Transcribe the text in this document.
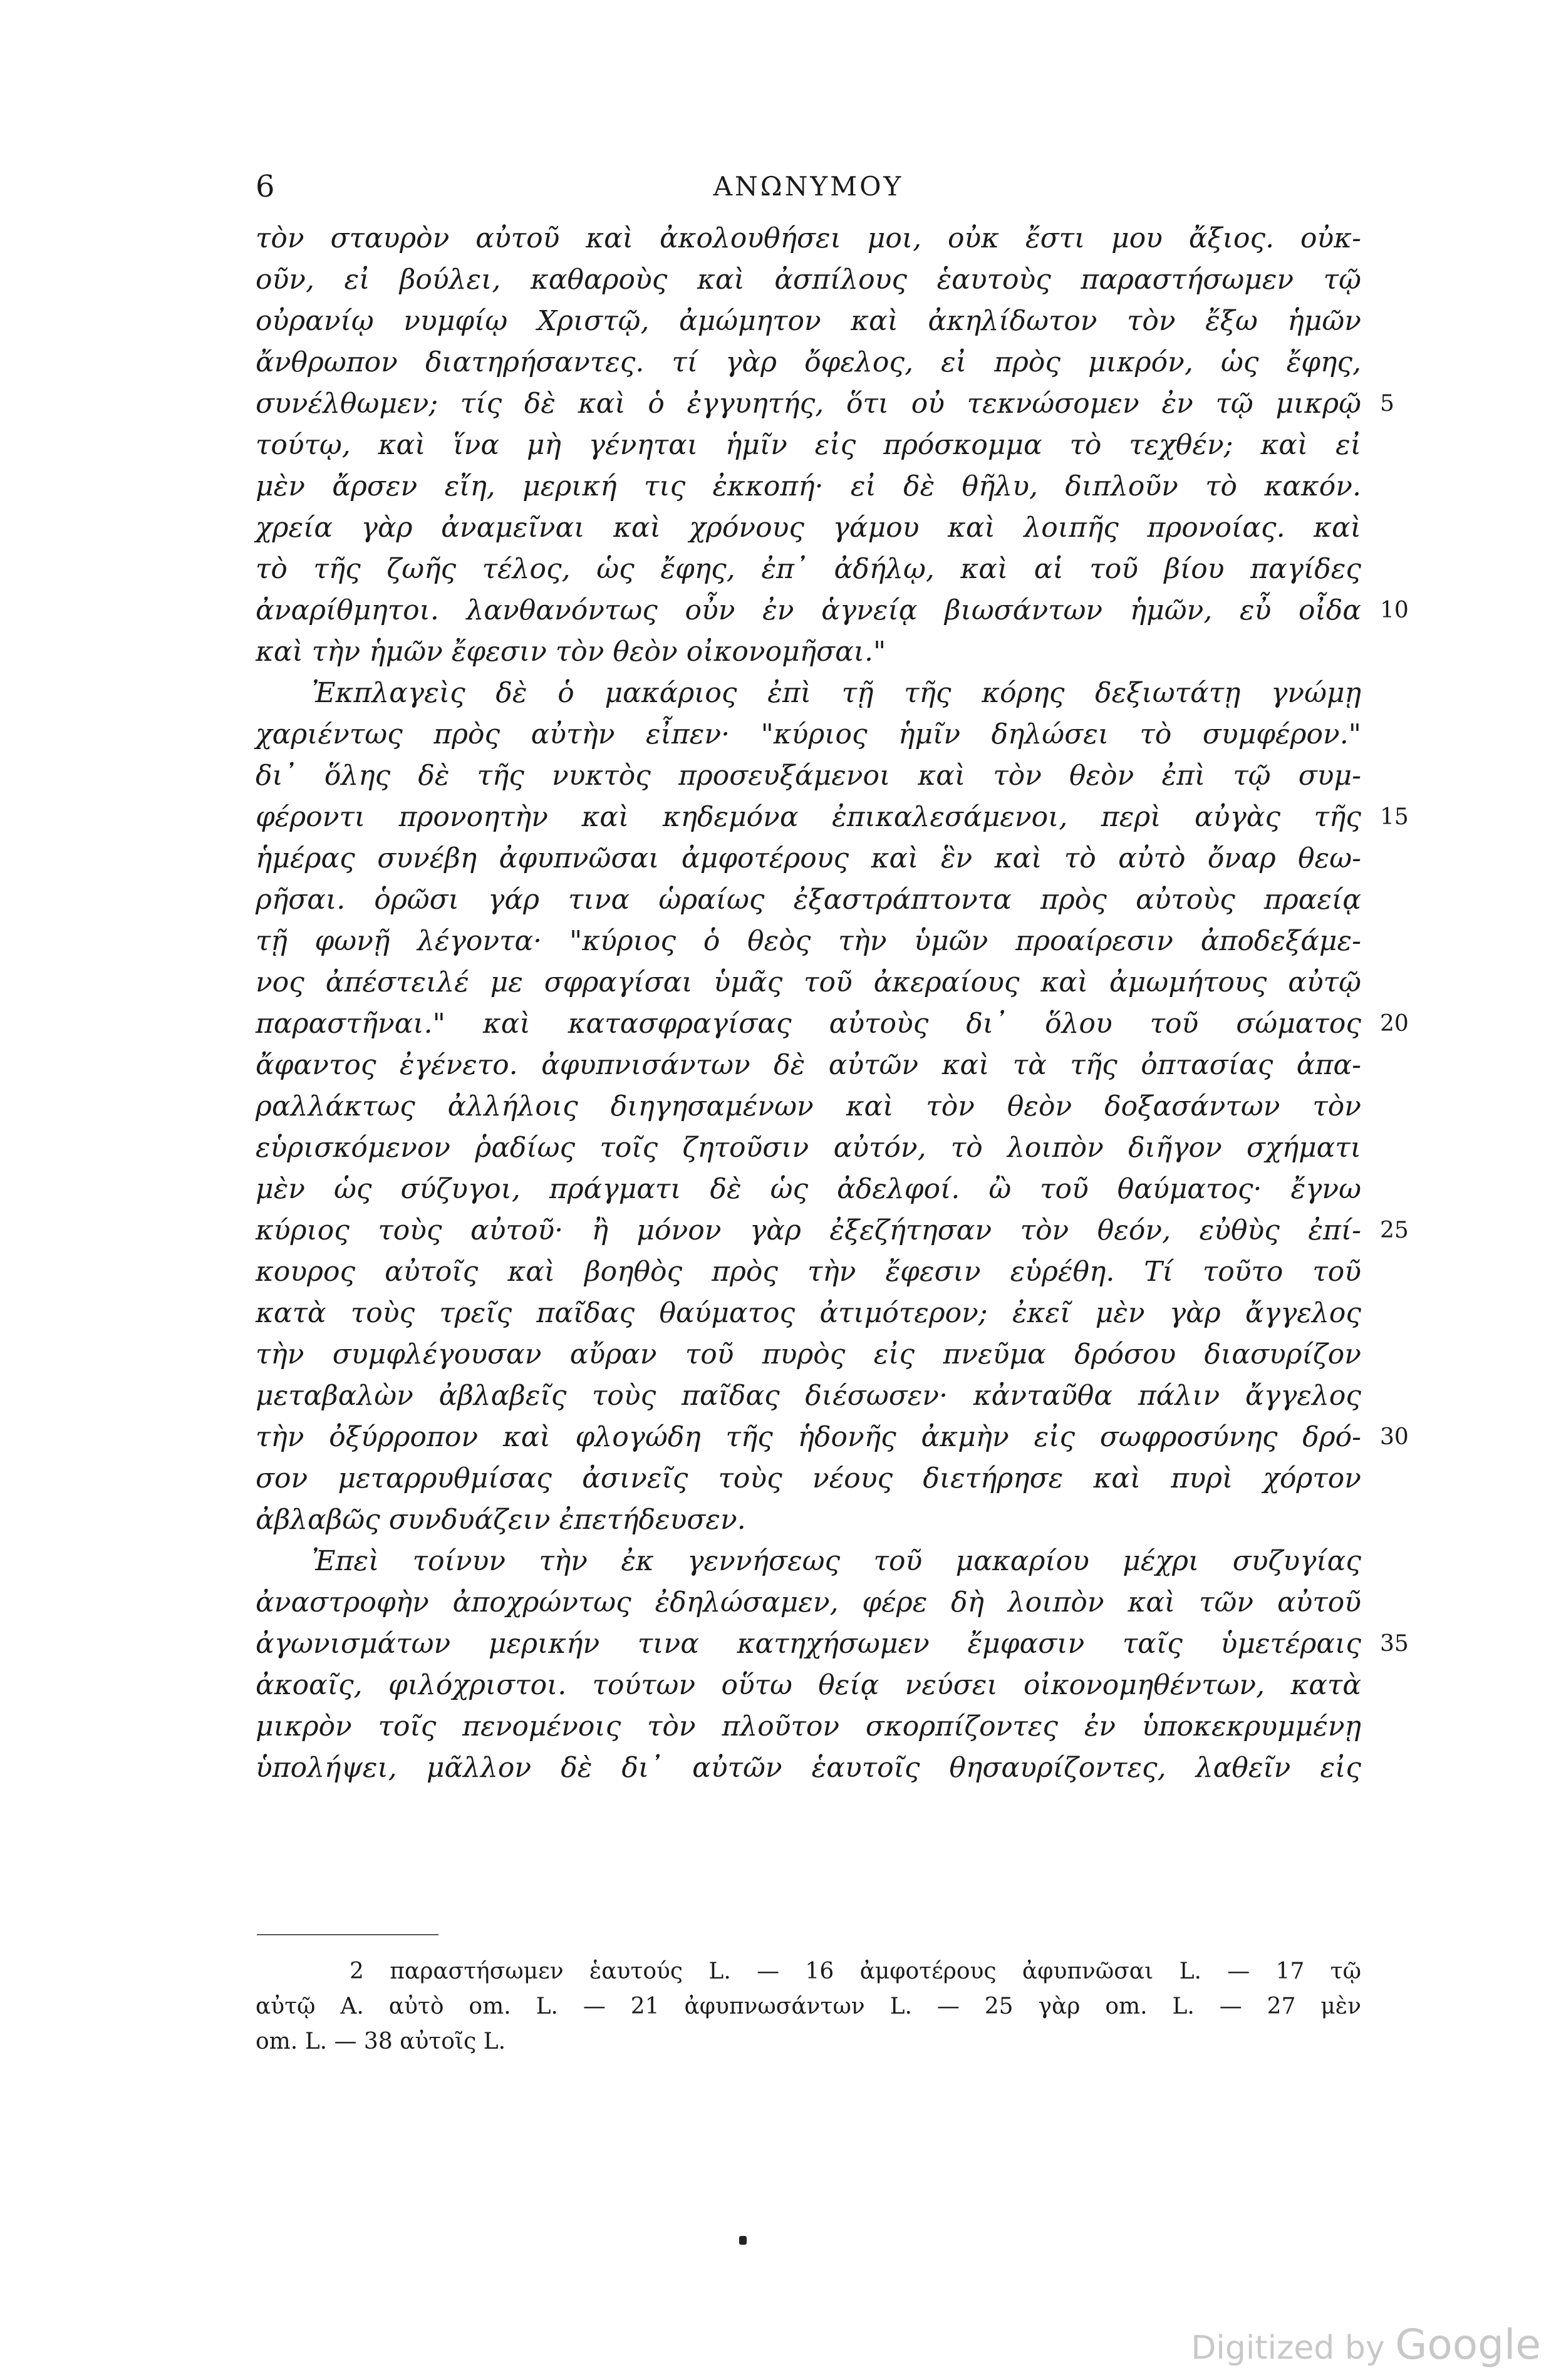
6	ΑΝΩΝΥΜΟΥ
τὸν σταυρὸν αὐτοῦ καὶ ἀκολουθήσει μοι, οὐκ ἔστι μου ἄξιος. οὐκ-
οῦν, εἰ βούλει, καθαροὺς καὶ ἀσπίλους ἑαυτοὺς παραστήσωμεν τῷ
οὐρανίῳ νυμφίῳ Χριστῷ, ἀμώμητον καὶ ἀκηλίδωτον τὸν ἔξω ἡμῶν
ἄνθρωπον διατηρήσαντες. τί γὰρ ὄφελος, εἰ πρὸς μικρόν, ὡς ἔφης,
συνέλθωμεν; τίς δὲ καὶ ὁ ἐγγυητής, ὅτι οὐ τεκνώσομεν ἐν τῷ μικρῷ 5
τούτῳ, καὶ ἵνα μὴ γένηται ἡμῖν εἰς πρόσκομμα τὸ τεχθέν; καὶ εἰ
μὲν ἄρσεν εἴη, μερική τις ἐκκοπή· εἰ δὲ θῆλυ, διπλοῦν τὸ κακόν.
χρεία γὰρ ἀναμεῖναι καὶ χρόνους γάμου καὶ λοιπῆς προνοίας. καὶ
τὸ τῆς ζωῆς τέλος, ὡς ἔφης, ἐπ᾽ ἀδήλῳ, καὶ αἱ τοῦ βίου παγίδες
ἀναρίθμητοι. λανθανόντως οὖν ἐν ἁγνείᾳ βιωσάντων ἡμῶν, εὖ οἶδα 10
καὶ τὴν ἡμῶν ἔφεσιν τὸν θεὸν οἰκονομῆσαι."
Ἐκπλαγεὶς δὲ ὁ μακάριος ἐπὶ τῇ τῆς κόρης δεξιωτάτῃ γνώμῃ
χαριέντως πρὸς αὐτὴν εἶπεν· "κύριος ἡμῖν δηλώσει τὸ συμφέρον."
δι᾽ ὅλης δὲ τῆς νυκτὸς προσευξάμενοι καὶ τὸν θεὸν ἐπὶ τῷ συμ-
φέροντι προνοητὴν καὶ κηδεμόνα ἐπικαλεσάμενοι, περὶ αὐγὰς τῆς 15
ἡμέρας συνέβη ἀφυπνῶσαι ἀμφοτέρους καὶ ἓν καὶ τὸ αὐτὸ ὄναρ θεω-
ρῆσαι. ὁρῶσι γάρ τινα ὡραίως ἐξαστράπτοντα πρὸς αὐτοὺς πραείᾳ
τῇ φωνῇ λέγοντα· "κύριος ὁ θεὸς τὴν ὑμῶν προαίρεσιν ἀποδεξάμε-
νος ἀπέστειλέ με σφραγίσαι ὑμᾶς τοῦ ἀκεραίους καὶ ἀμωμήτους αὐτῷ
παραστῆναι." καὶ κατασφραγίσας αὐτοὺς δι᾽ ὅλου τοῦ σώματος 20
ἄφαντος ἐγένετο. ἀφυπνισάντων δὲ αὐτῶν καὶ τὰ τῆς ὀπτασίας ἀπα-
ραλλάκτως ἀλλήλοις διηγησαμένων καὶ τὸν θεὸν δοξασάντων τὸν
εὑρισκόμενον ῥαδίως τοῖς ζητοῦσιν αὐτόν, τὸ λοιπὸν διῆγον σχήματι
μὲν ὡς σύζυγοι, πράγματι δὲ ὡς ἀδελφοί. ὢ τοῦ θαύματος· ἔγνω
κύριος τοὺς αὐτοῦ· ἢ μόνον γὰρ ἐξεζήτησαν τὸν θεόν, εὐθὺς ἐπί- 25
κουρος αὐτοῖς καὶ βοηθὸς πρὸς τὴν ἔφεσιν εὑρέθη. Τί τοῦτο τοῦ
κατὰ τοὺς τρεῖς παῖδας θαύματος ἀτιμότερον; ἐκεῖ μὲν γὰρ ἄγγελος
τὴν συμφλέγουσαν αὔραν τοῦ πυρὸς εἰς πνεῦμα δρόσου διασυρίζον
μεταβαλὼν ἀβλαβεῖς τοὺς παῖδας διέσωσεν· κἀνταῦθα πάλιν ἄγγελος
τὴν ὀξύρροπον καὶ φλογώδη τῆς ἡδονῆς ἀκμὴν εἰς σωφροσύνης δρό- 30
σον μεταρρυθμίσας ἀσινεῖς τοὺς νέους διετήρησε καὶ πυρὶ χόρτον
ἀβλαβῶς συνδυάζειν ἐπετήδευσεν.
Ἐπεὶ τοίνυν τὴν ἐκ γεννήσεως τοῦ μακαρίου μέχρι συζυγίας
ἀναστροφὴν ἀποχρώντως ἐδηλώσαμεν, φέρε δὴ λοιπὸν καὶ τῶν αὐτοῦ
ἀγωνισμάτων μερικήν τινα κατηχήσωμεν ἔμφασιν ταῖς ὑμετέραις 35
ἀκοαῖς, φιλόχριστοι. τούτων οὕτω θείᾳ νεύσει οἰκονομηθέντων, κατὰ
μικρὸν τοῖς πενομένοις τὸν πλοῦτον σκορπίζοντες ἐν ὑποκεκρυμμένῃ
ὑπολήψει, μᾶλλον δὲ δι᾽ αὐτῶν ἑαυτοῖς θησαυρίζοντες, λαθεῖν εἰς
2 παραστήσωμεν ἑαυτούς L. — 16 ἀμφοτέρους ἀφυπνῶσαι L. — 17 τῷ
αὐτῷ A. αὐτὸ om. L. — 21 ἀφυπνωσάντων L. — 25 γὰρ om. L. — 27 μὲν
om. L. — 38 αὐτοῖς L.
Digitized by Google
